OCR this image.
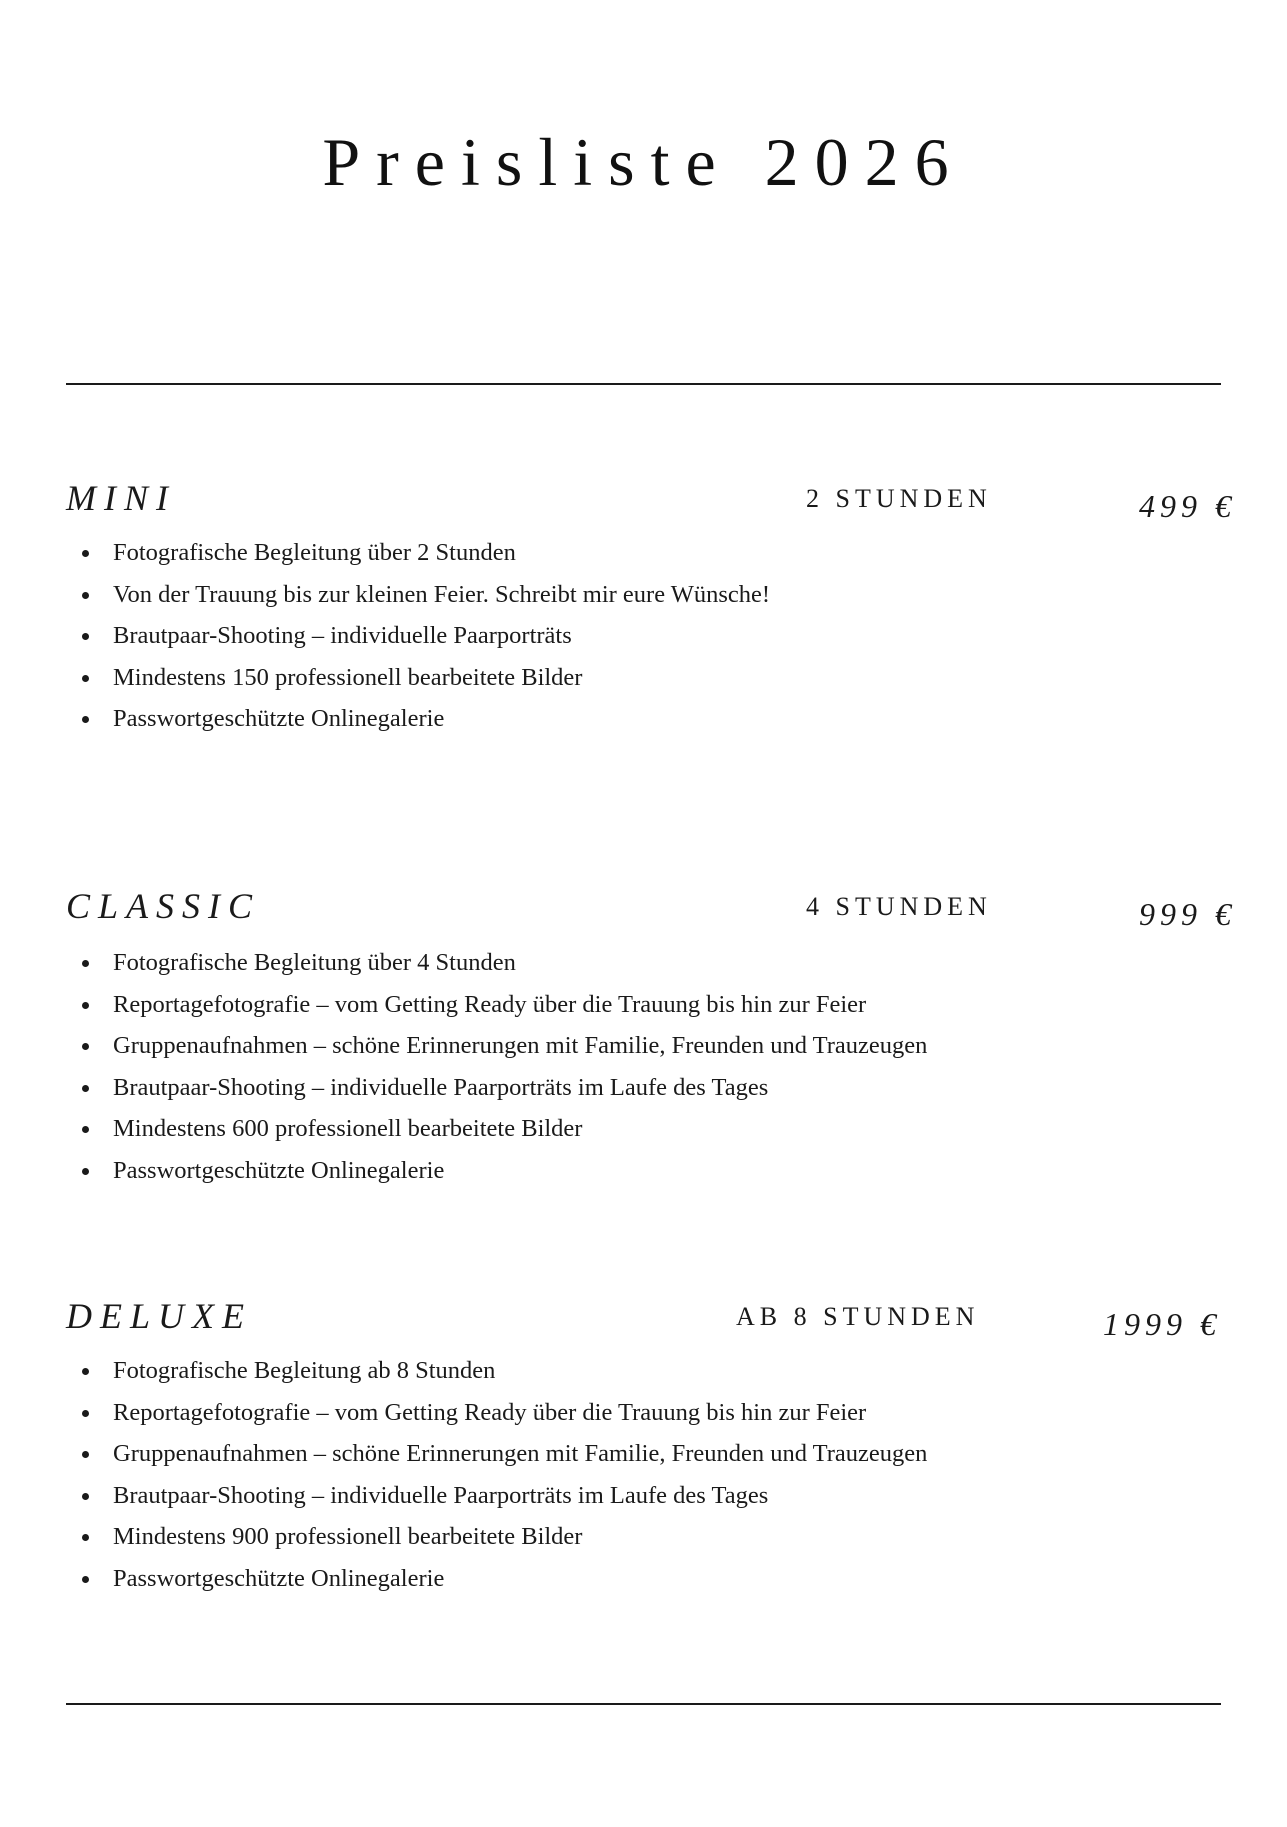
Preisliste 2026
MINI	2 STUNDEN	499 €
Fotografische Begleitung über 2 Stunden
Von der Trauung bis zur kleinen Feier. Schreibt mir eure Wünsche!
Brautpaar-Shooting – individuelle Paarporträts
Mindestens 150 professionell bearbeitete Bilder
Passwortgeschützte Onlinegalerie
CLASSIC	4 STUNDEN	999 €
Fotografische Begleitung über 4 Stunden
Reportagefotografie – vom Getting Ready über die Trauung bis hin zur Feier
Gruppenaufnahmen – schöne Erinnerungen mit Familie, Freunden und Trauzeugen
Brautpaar-Shooting – individuelle Paarporträts im Laufe des Tages
Mindestens 600 professionell bearbeitete Bilder
Passwortgeschützte Onlinegalerie
DELUXE	AB 8 STUNDEN	1999 €
Fotografische Begleitung ab 8 Stunden
Reportagefotografie – vom Getting Ready über die Trauung bis hin zur Feier
Gruppenaufnahmen – schöne Erinnerungen mit Familie, Freunden und Trauzeugen
Brautpaar-Shooting – individuelle Paarporträts im Laufe des Tages
Mindestens 900 professionell bearbeitete Bilder
Passwortgeschützte Onlinegalerie
